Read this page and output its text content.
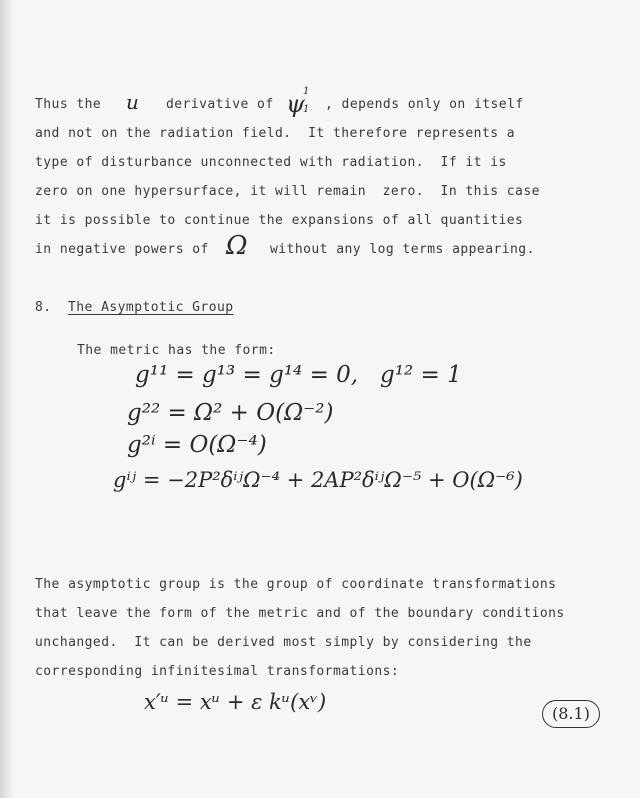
Thus the u derivative of ψ
1
1 , depends only on itself
and not on the radiation field.  It therefore represents a
type of disturbance unconnected with radiation.  If it is
zero on one hypersurface, it will remain  zero.  In this case
it is possible to continue the expansions of all quantities
in negative powers of Ω without any log terms appearing.
8. The Asymptotic Group
The metric has the form:
g¹¹ = g¹³ = g¹⁴ = 0,   g¹² = 1
g²² = Ω² + O(Ω⁻²)
g²ⁱ = O(Ω⁻⁴)
gⁱʲ = −2P²δⁱʲΩ⁻⁴ + 2AP²δⁱʲΩ⁻⁵ + O(Ω⁻⁶)
The asymptotic group is the group of coordinate transformations
that leave the form of the metric and of the boundary conditions
unchanged.  It can be derived most simply by considering the
corresponding infinitesimal transformations:
x′ᵘ = xᵘ + ε kᵘ(xᵛ)	(8.1)
